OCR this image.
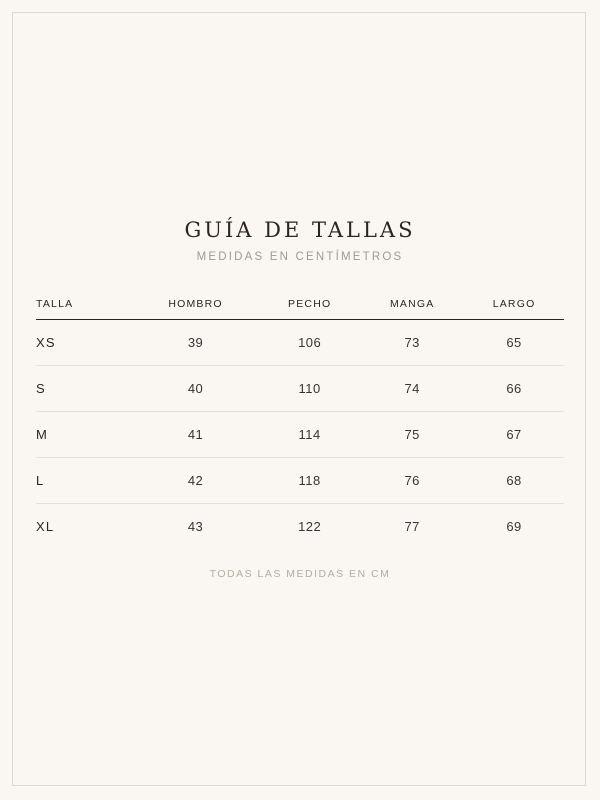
GUÍA DE TALLAS
MEDIDAS EN CENTÍMETROS
TALLA	HOMBRO	PECHO	MANGA	LARGO
XS	39	106	73	65
S	40	110	74	66
M	41	114	75	67
L	42	118	76	68
XL	43	122	77	69
TODAS LAS MEDIDAS EN CM
